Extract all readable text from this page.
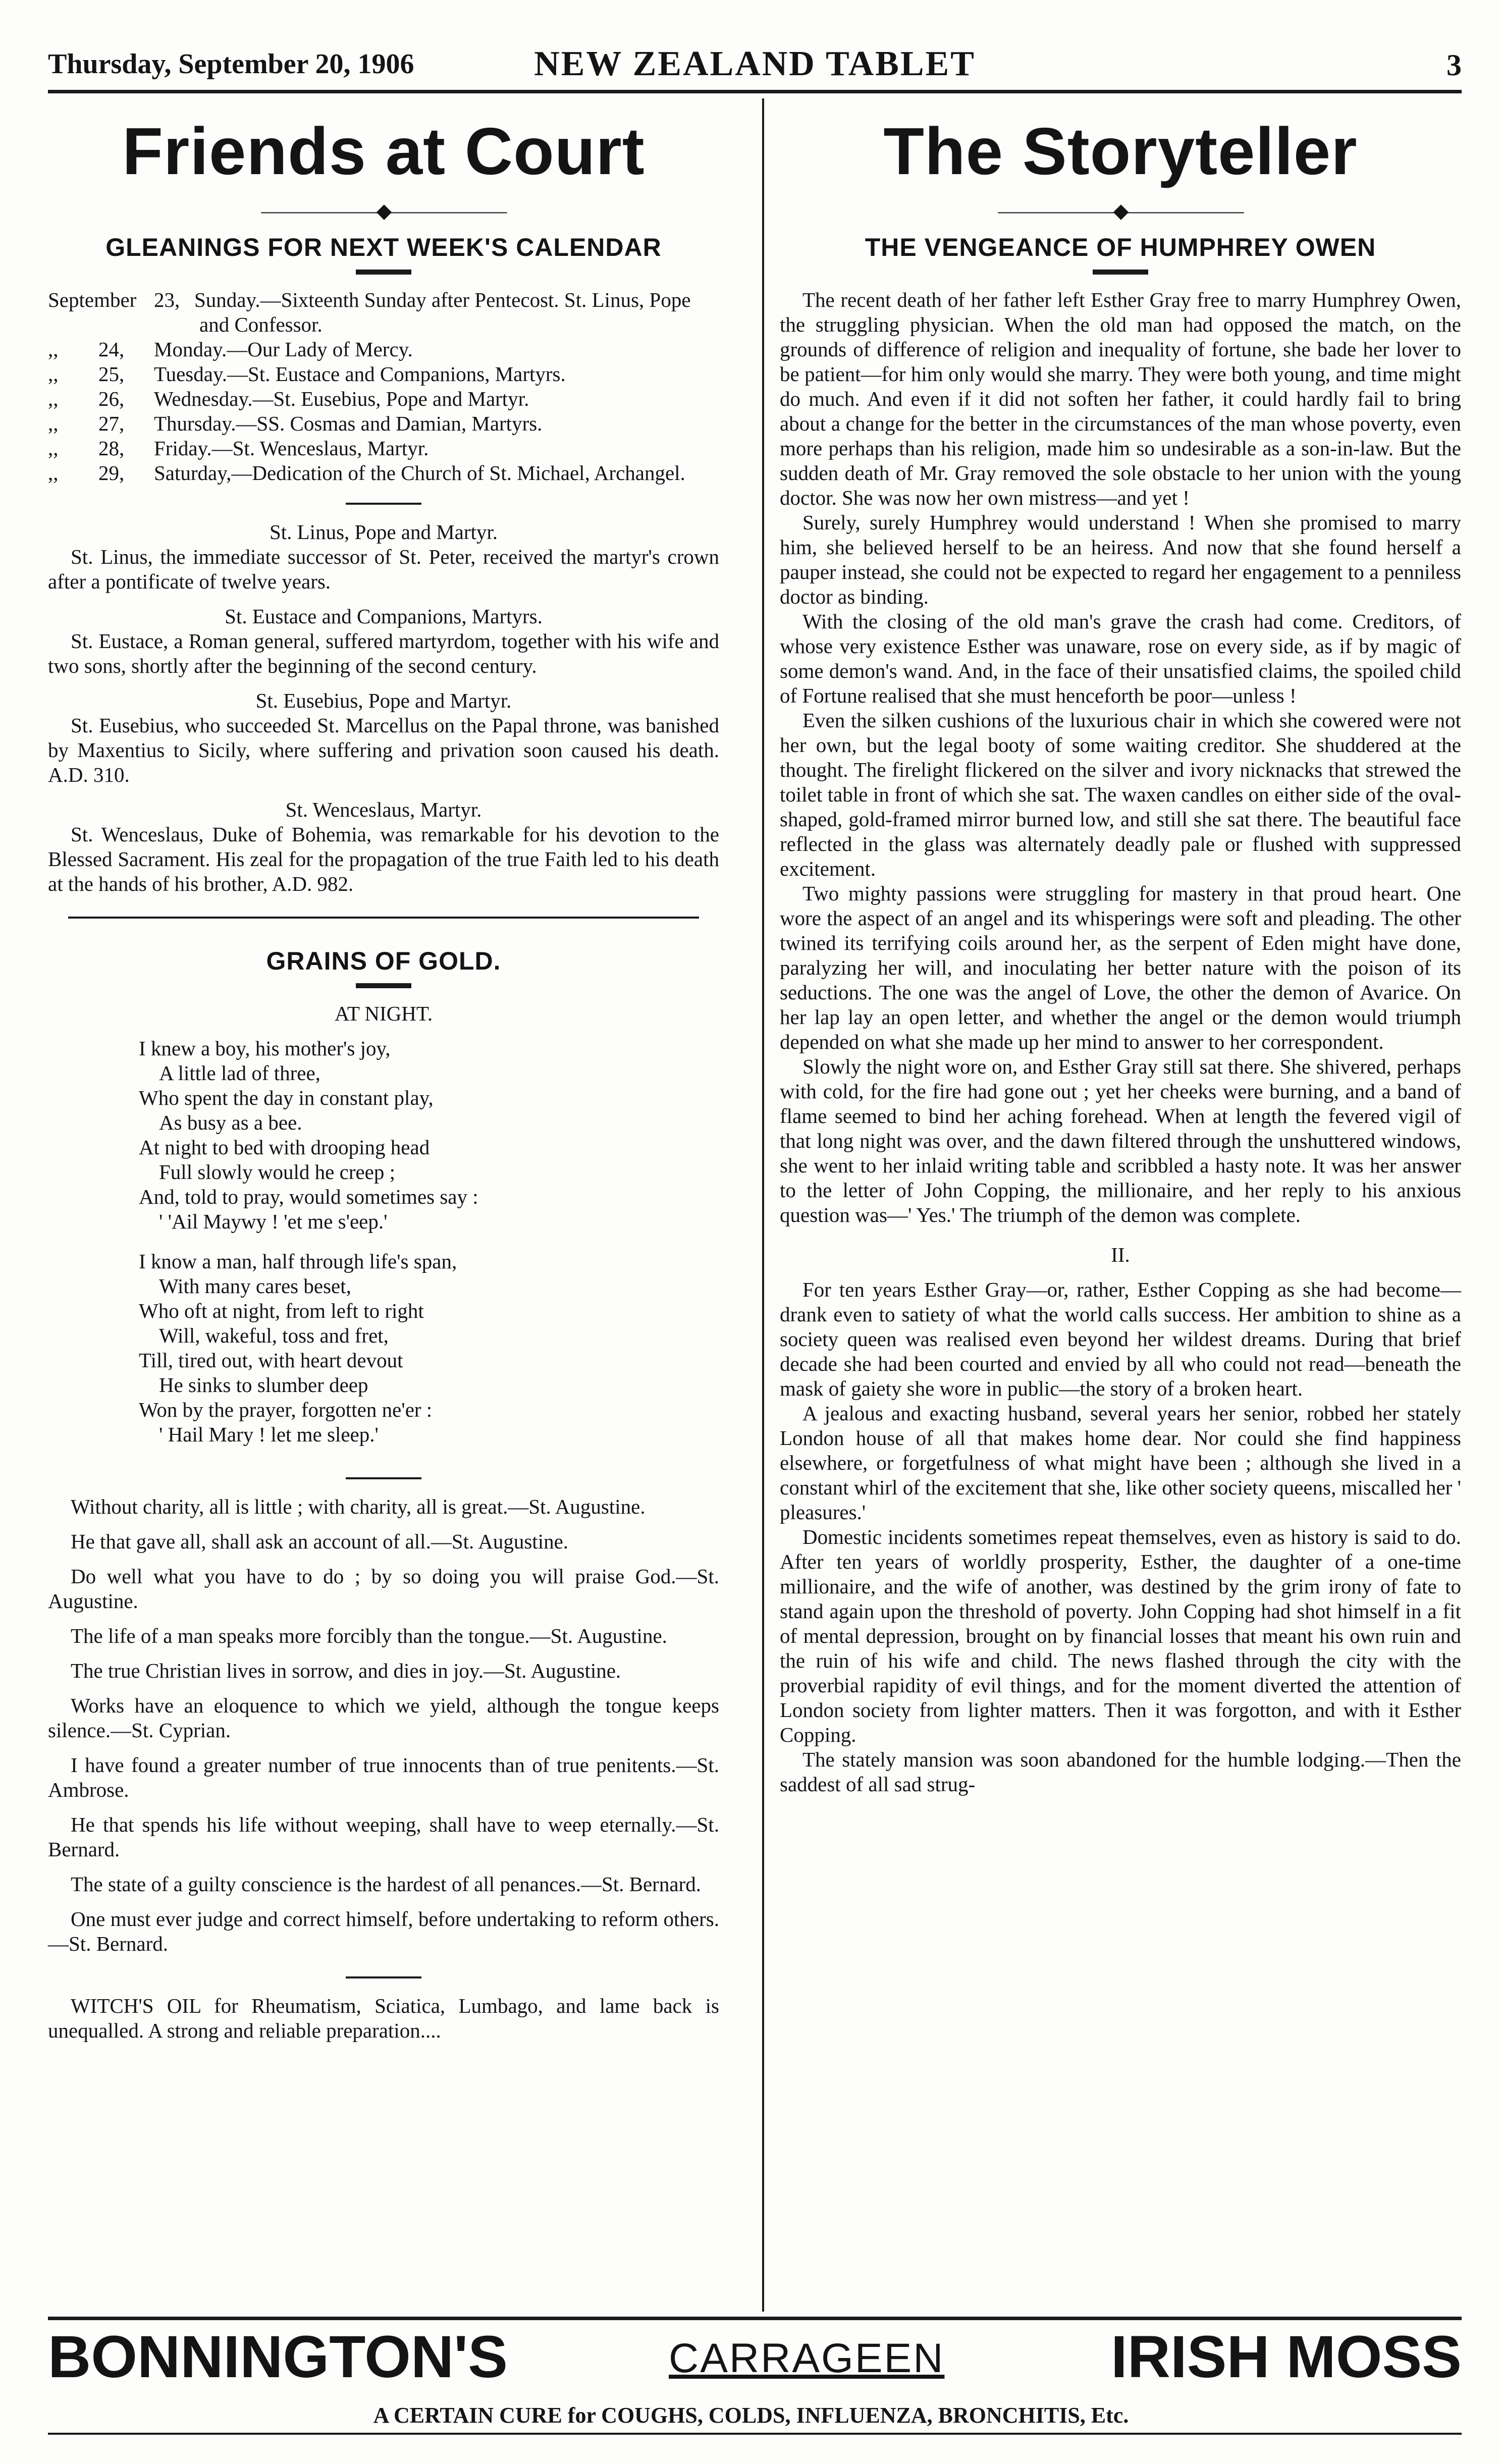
Thursday, September 20, 1906	NEW ZEALAND TABLET	3
Friends at Court
——————◆——————
GLEANINGS FOR NEXT WEEK'S CALENDAR
September 23, Sunday.—Sixteenth Sunday after Pentecost. St. Linus, Pope and Confessor.
,,	24,	Monday.—Our Lady of Mercy.
,,	25,	Tuesday.—St. Eustace and Companions, Martyrs.
,,	26,	Wednesday.—St. Eusebius, Pope and Martyr.
,,	27,	Thursday.—SS. Cosmas and Damian, Martyrs.
,,	28,	Friday.—St. Wenceslaus, Martyr.
,,	29,	Saturday,—Dedication of the Church of St. Michael, Archangel.

St. Linus, Pope and Martyr.

St. Linus, the immediate successor of St. Peter, received the martyr's crown after a pontificate of twelve years.

St. Eustace and Companions, Martyrs.

St. Eustace, a Roman general, suffered martyrdom, together with his wife and two sons, shortly after the beginning of the second century.

St. Eusebius, Pope and Martyr.

St. Eusebius, who succeeded St. Marcellus on the Papal throne, was banished by Maxentius to Sicily, where suffering and privation soon caused his death. A.D. 310.

St. Wenceslaus, Martyr.

St. Wenceslaus, Duke of Bohemia, was remarkable for his devotion to the Blessed Sacrament. His zeal for the propagation of the true Faith led to his death at the hands of his brother, A.D. 982.

GRAINS OF GOLD.

AT NIGHT.

I knew a boy, his mother's joy,
A little lad of three,
Who spent the day in constant play,
As busy as a bee.
At night to bed with drooping head
Full slowly would he creep ;
And, told to pray, would sometimes say :
' 'Ail Maywy ! 'et me s'eep.'
I know a man, half through life's span,
With many cares beset,
Who oft at night, from left to right
Will, wakeful, toss and fret,
Till, tired out, with heart devout
He sinks to slumber deep
Won by the prayer, forgotten ne'er :
' Hail Mary ! let me sleep.'

Without charity, all is little ; with charity, all is great.—St. Augustine.

He that gave all, shall ask an account of all.—St. Augustine.

Do well what you have to do ; by so doing you will praise God.—St. Augustine.

The life of a man speaks more forcibly than the tongue.—St. Augustine.

The true Christian lives in sorrow, and dies in joy.—St. Augustine.

Works have an eloquence to which we yield, although the tongue keeps silence.—St. Cyprian.

I have found a greater number of true innocents than of true penitents.—St. Ambrose.

He that spends his life without weeping, shall have to weep eternally.—St. Bernard.

The state of a guilty conscience is the hardest of all penances.—St. Bernard.

One must ever judge and correct himself, before undertaking to reform others.—St. Bernard.

WITCH'S OIL for Rheumatism, Sciatica, Lumbago, and lame back is unequalled. A strong and reliable preparation....

The Storyteller
——————◆——————
THE VENGEANCE OF HUMPHREY OWEN

The recent death of her father left Esther Gray free to marry Humphrey Owen, the struggling physician. When the old man had opposed the match, on the grounds of difference of religion and inequality of fortune, she bade her lover to be patient—for him only would she marry. They were both young, and time might do much. And even if it did not soften her father, it could hardly fail to bring about a change for the better in the circumstances of the man whose poverty, even more perhaps than his religion, made him so undesirable as a son-in-law. But the sudden death of Mr. Gray removed the sole obstacle to her union with the young doctor. She was now her own mistress—and yet !

Surely, surely Humphrey would understand ! When she promised to marry him, she believed herself to be an heiress. And now that she found herself a pauper instead, she could not be expected to regard her engagement to a penniless doctor as binding.

With the closing of the old man's grave the crash had come. Creditors, of whose very existence Esther was unaware, rose on every side, as if by magic of some demon's wand. And, in the face of their unsatisfied claims, the spoiled child of Fortune realised that she must henceforth be poor—unless !

Even the silken cushions of the luxurious chair in which she cowered were not her own, but the legal booty of some waiting creditor. She shuddered at the thought. The firelight flickered on the silver and ivory nicknacks that strewed the toilet table in front of which she sat. The waxen candles on either side of the oval-shaped, gold-framed mirror burned low, and still she sat there. The beautiful face reflected in the glass was alternately deadly pale or flushed with suppressed excitement.

Two mighty passions were struggling for mastery in that proud heart. One wore the aspect of an angel and its whisperings were soft and pleading. The other twined its terrifying coils around her, as the serpent of Eden might have done, paralyzing her will, and inoculating her better nature with the poison of its seductions. The one was the angel of Love, the other the demon of Avarice. On her lap lay an open letter, and whether the angel or the demon would triumph depended on what she made up her mind to answer to her correspondent.

Slowly the night wore on, and Esther Gray still sat there. She shivered, perhaps with cold, for the fire had gone out ; yet her cheeks were burning, and a band of flame seemed to bind her aching forehead. When at length the fevered vigil of that long night was over, and the dawn filtered through the unshuttered windows, she went to her inlaid writing table and scribbled a hasty note. It was her answer to the letter of John Copping, the millionaire, and her reply to his anxious question was—' Yes.' The triumph of the demon was complete.

II.

For ten years Esther Gray—or, rather, Esther Copping as she had become—drank even to satiety of what the world calls success. Her ambition to shine as a society queen was realised even beyond her wildest dreams. During that brief decade she had been courted and envied by all who could not read—beneath the mask of gaiety she wore in public—the story of a broken heart.

A jealous and exacting husband, several years her senior, robbed her stately London house of all that makes home dear. Nor could she find happiness elsewhere, or forgetfulness of what might have been ; although she lived in a constant whirl of the excitement that she, like other society queens, miscalled her ' pleasures.'

Domestic incidents sometimes repeat themselves, even as history is said to do. After ten years of worldly prosperity, Esther, the daughter of a one-time millionaire, and the wife of another, was destined by the grim irony of fate to stand again upon the threshold of poverty. John Copping had shot himself in a fit of mental depression, brought on by financial losses that meant his own ruin and the ruin of his wife and child. The news flashed through the city with the proverbial rapidity of evil things, and for the moment diverted the attention of London society from lighter matters. Then it was forgotton, and with it Esther Copping.

The stately mansion was soon abandoned for the humble lodging.—Then the saddest of all sad strug-

BONNINGTON'S	CARRAGEEN	IRISH MOSS
A CERTAIN CURE for COUGHS, COLDS, INFLUENZA, BRONCHITIS, Etc.
